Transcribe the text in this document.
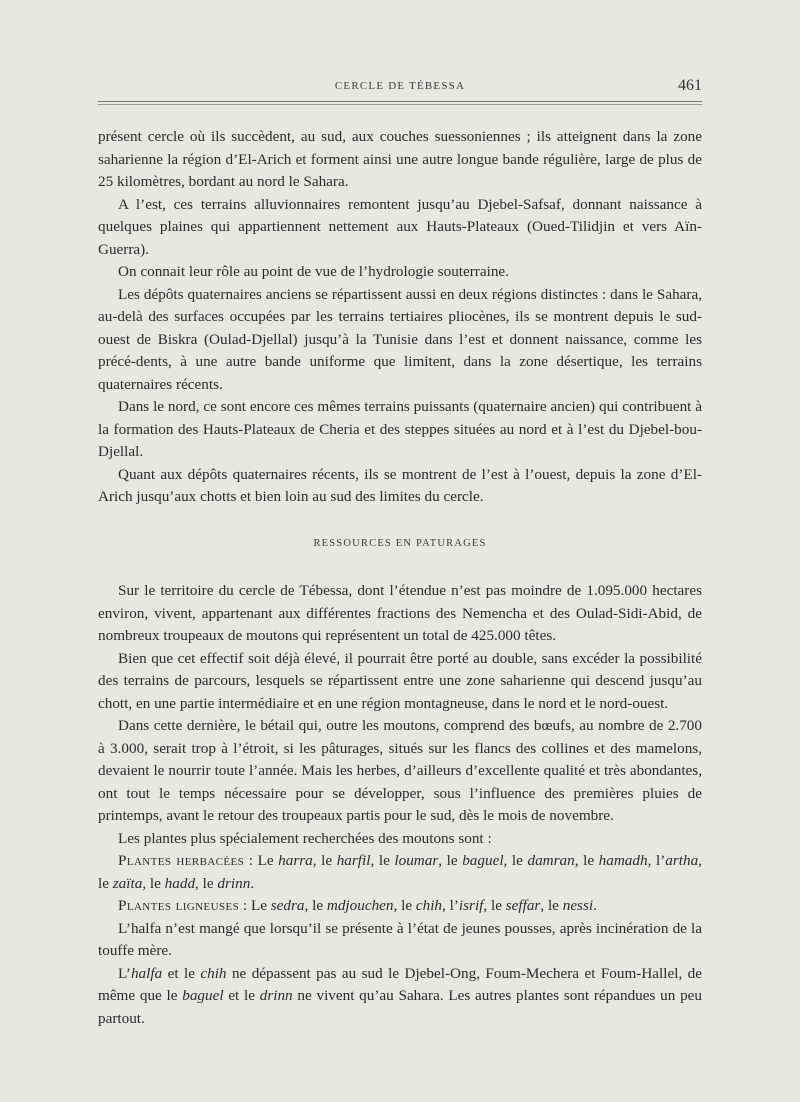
CERCLE DE TÉBESSA	461

présent cercle où ils succèdent, au sud, aux couches suessoniennes ; ils atteignent dans la zone saharienne la région d’El-Arich et forment ainsi une autre longue bande régulière, large de plus de 25 kilomètres, bordant au nord le Sahara.

A l’est, ces terrains alluvionnaires remontent jusqu’au Djebel-Safsaf, donnant naissance à quelques plaines qui appartiennent nettement aux Hauts-Plateaux (Oued-Tilidjin et vers Aïn-Guerra).

On connait leur rôle au point de vue de l’hydrologie souterraine.

Les dépôts quaternaires anciens se répartissent aussi en deux régions distinctes : dans le Sahara, au-delà des surfaces occupées par les terrains tertiaires pliocènes, ils se montrent depuis le sud-ouest de Biskra (Oulad-Djellal) jusqu’à la Tunisie dans l’est et donnent naissance, comme les précé-dents, à une autre bande uniforme que limitent, dans la zone désertique, les terrains quaternaires récents.

Dans le nord, ce sont encore ces mêmes terrains puissants (quaternaire ancien) qui contribuent à la formation des Hauts-Plateaux de Cheria et des steppes situées au nord et à l’est du Djebel-bou-Djellal.

Quant aux dépôts quaternaires récents, ils se montrent de l’est à l’ouest, depuis la zone d’El-Arich jusqu’aux chotts et bien loin au sud des limites du cercle.

RESSOURCES EN PATURAGES

Sur le territoire du cercle de Tébessa, dont l’étendue n’est pas moindre de 1.095.000 hectares environ, vivent, appartenant aux différentes fractions des Nemencha et des Oulad-Sidi-Abid, de nombreux troupeaux de moutons qui représentent un total de 425.000 têtes.

Bien que cet effectif soit déjà élevé, il pourrait être porté au double, sans excéder la possibilité des terrains de parcours, lesquels se répartissent entre une zone saharienne qui descend jusqu’au chott, en une partie intermédiaire et en une région montagneuse, dans le nord et le nord-ouest.

Dans cette dernière, le bétail qui, outre les moutons, comprend des bœufs, au nombre de 2.700 à 3.000, serait trop à l’étroit, si les pâturages, situés sur les flancs des collines et des mamelons, devaient le nourrir toute l’année. Mais les herbes, d’ailleurs d’excellente qualité et très abondantes, ont tout le temps nécessaire pour se développer, sous l’influence des premières pluies de printemps, avant le retour des troupeaux partis pour le sud, dès le mois de novembre.

Les plantes plus spécialement recherchées des moutons sont :

Plantes herbacées : Le harra, le harfil, le loumar, le baguel, le damran, le hamadh, l’artha, le zaïta, le hadd, le drinn.

Plantes ligneuses : Le sedra, le mdjouchen, le chih, l’isrif, le seffar, le nessi.

L’halfa n’est mangé que lorsqu’il se présente à l’état de jeunes pousses, après incinération de la touffe mère.

L’halfa et le chih ne dépassent pas au sud le Djebel-Ong, Foum-Mechera et Foum-Hallel, de même que le baguel et le drinn ne vivent qu’au Sahara. Les autres plantes sont répandues un peu partout.
